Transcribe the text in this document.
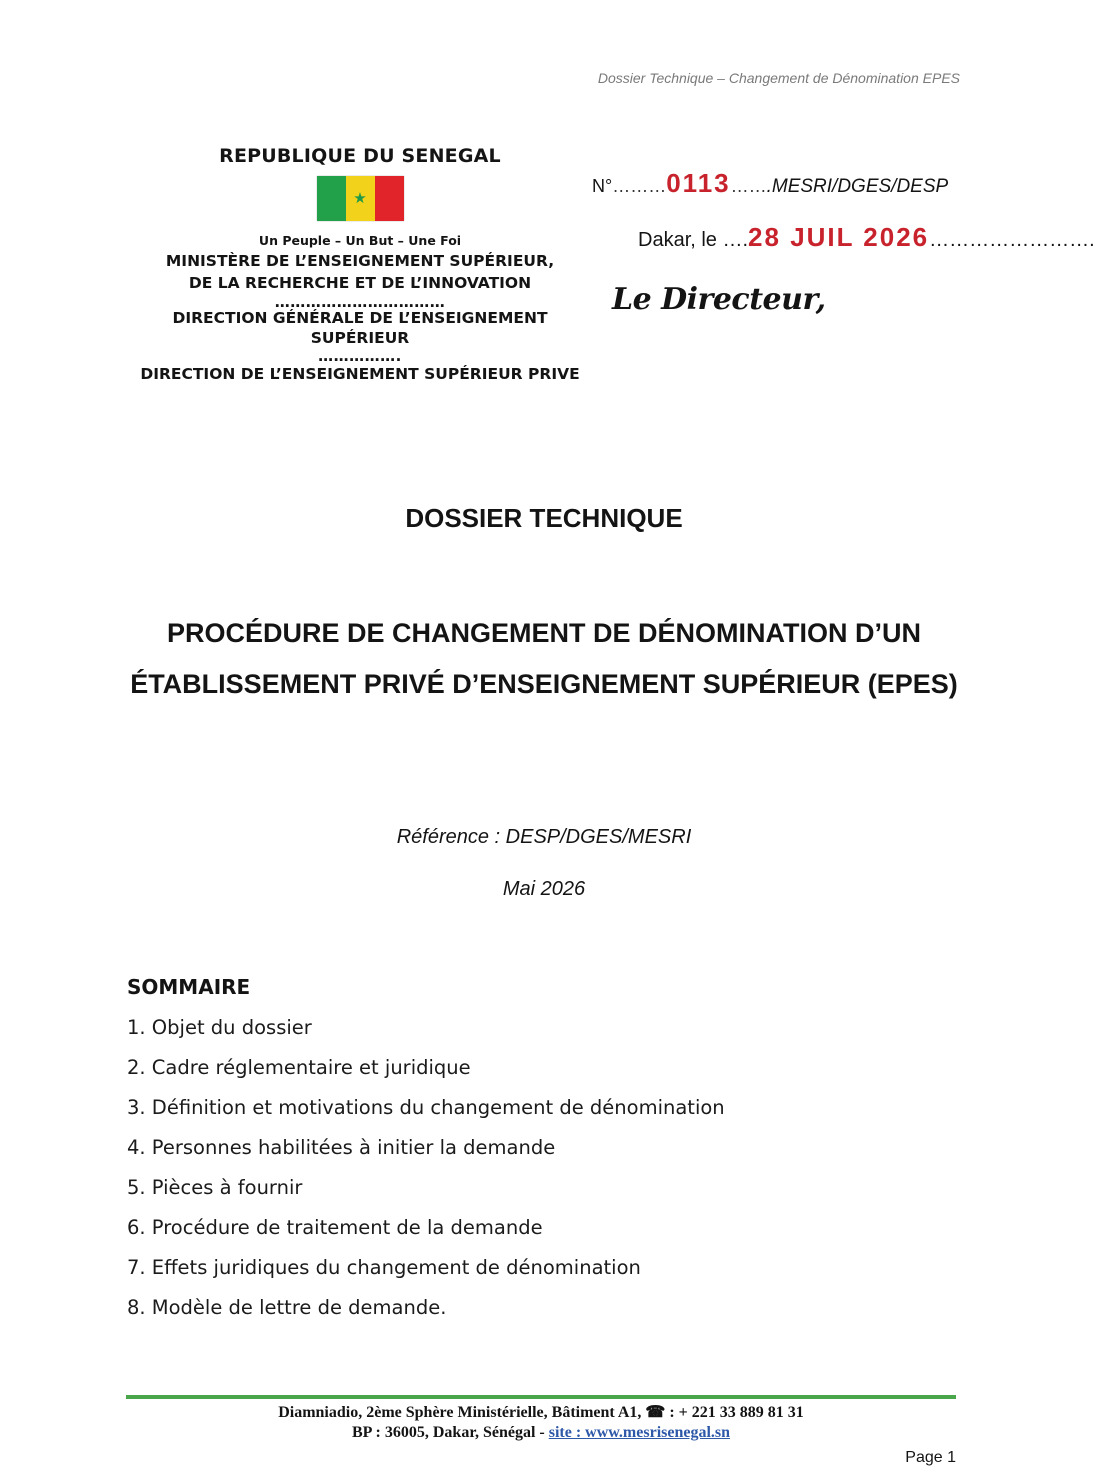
Dossier Technique – Changement de Dénomination EPES
REPUBLIQUE DU SENEGAL
★
Un Peuple – Un But – Une Foi
MINISTÈRE DE L’ENSEIGNEMENT SUPÉRIEUR,
DE LA RECHERCHE ET DE L’INNOVATION
……………………………
DIRECTION GÉNÉRALE DE L’ENSEIGNEMENT
SUPÉRIEUR
…………….
DIRECTION DE L’ENSEIGNEMENT SUPÉRIEUR PRIVE
N°………0113…….MESRI/DGES/DESP
Dakar, le ….28 JUIL 2026…………………….
Le Directeur,
DOSSIER TECHNIQUE
PROCÉDURE DE CHANGEMENT DE DÉNOMINATION D’UN ÉTABLISSEMENT PRIVÉ D’ENSEIGNEMENT SUPÉRIEUR (EPES)
Référence : DESP/DGES/MESRI
Mai 2026
SOMMAIRE
1. Objet du dossier
2. Cadre réglementaire et juridique
3. Définition et motivations du changement de dénomination
4. Personnes habilitées à initier la demande
5. Pièces à fournir
6. Procédure de traitement de la demande
7. Effets juridiques du changement de dénomination
8. Modèle de lettre de demande.
Diamniadio, 2ème Sphère Ministérielle, Bâtiment A1, ☎ : + 221 33 889 81 31
BP : 36005, Dakar, Sénégal - site : www.mesrisenegal.sn
Page 1
